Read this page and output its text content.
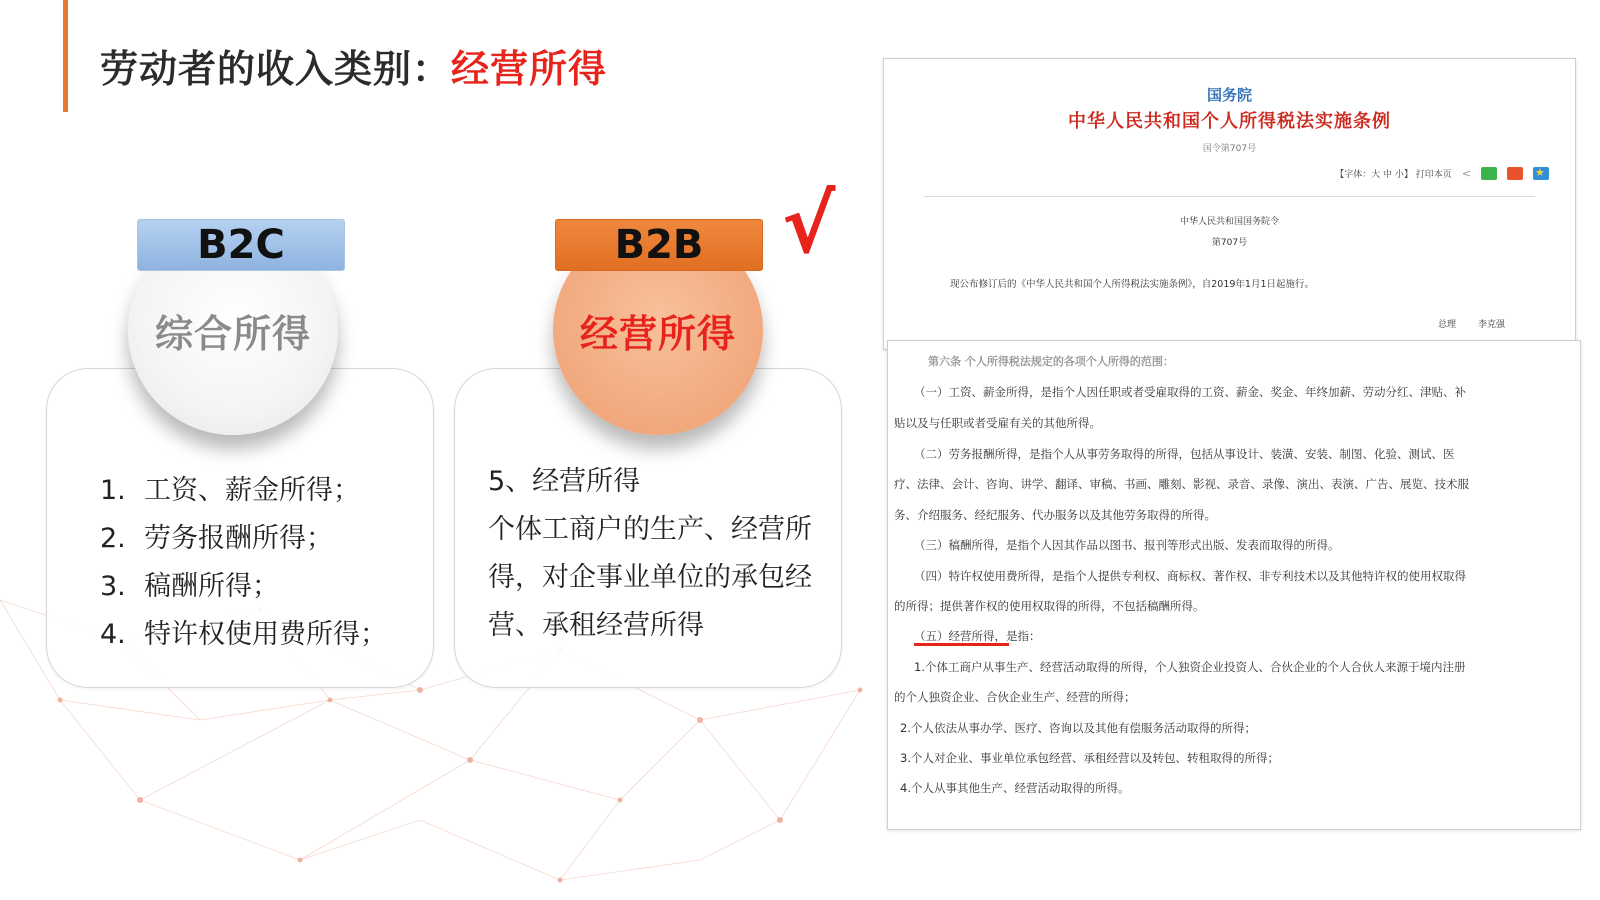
劳动者的收入类别：经营所得
综合所得
B2C
1. 工资、薪金所得；
2. 劳务报酬所得；
3. 稿酬所得；
4. 特许权使用费所得；
经营所得
B2B √
5、经营所得
个体工商户的生产、经营所
得，对企事业单位的承包经
营、承租经营所得
国务院
中华人民共和国个人所得税法实施条例
国令第707号
【字体：大 中 小】 打印本页 <
★
中华人民共和国国务院令
第707号
现公布修订后的《中华人民共和国个人所得税法实施条例》，自2019年1月1日起施行。
总理 李克强
第六条 个人所得税法规定的各项个人所得的范围：
（一）工资、薪金所得，是指个人因任职或者受雇取得的工资、薪金、奖金、年终加薪、劳动分红、津贴、补
贴以及与任职或者受雇有关的其他所得。
（二）劳务报酬所得，是指个人从事劳务取得的所得，包括从事设计、装潢、安装、制图、化验、测试、医
疗、法律、会计、咨询、讲学、翻译、审稿、书画、雕刻、影视、录音、录像、演出、表演、广告、展览、技术服
务、介绍服务、经纪服务、代办服务以及其他劳务取得的所得。
（三）稿酬所得，是指个人因其作品以图书、报刊等形式出版、发表而取得的所得。
（四）特许权使用费所得，是指个人提供专利权、商标权、著作权、非专利技术以及其他特许权的使用权取得
的所得；提供著作权的使用权取得的所得，不包括稿酬所得。
（五）经营所得，是指：
1.个体工商户从事生产、经营活动取得的所得，个人独资企业投资人、合伙企业的个人合伙人来源于境内注册
的个人独资企业、合伙企业生产、经营的所得；
2.个人依法从事办学、医疗、咨询以及其他有偿服务活动取得的所得；
3.个人对企业、事业单位承包经营、承租经营以及转包、转租取得的所得；
4.个人从事其他生产、经营活动取得的所得。
